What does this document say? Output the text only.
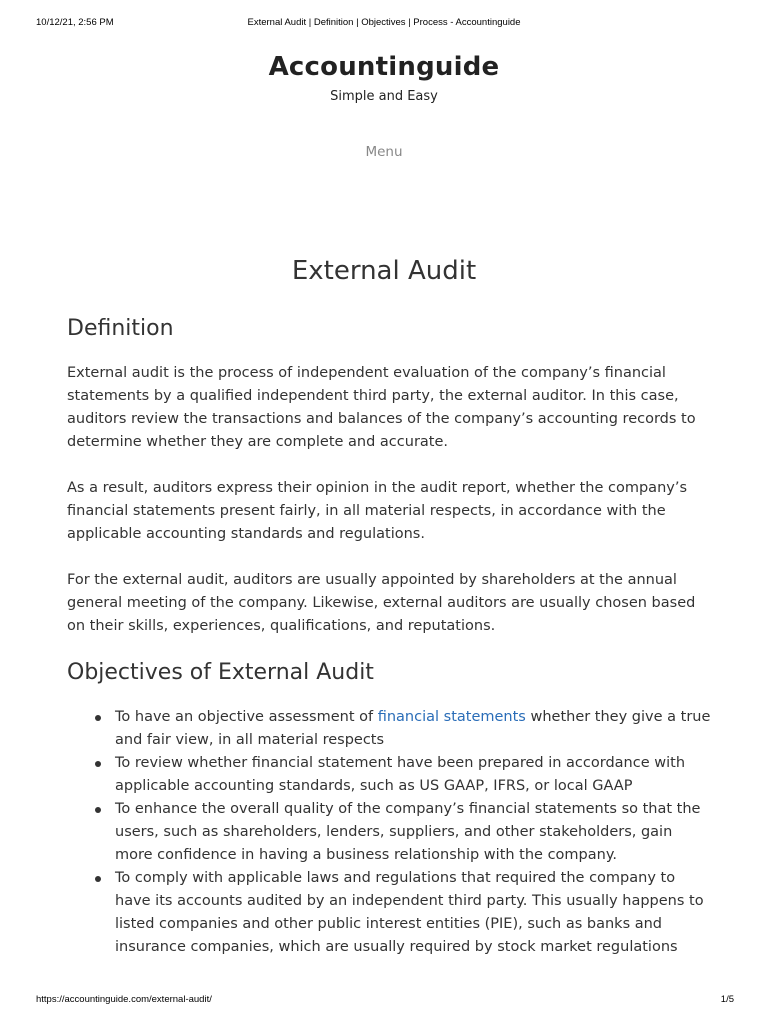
10/12/21, 2:56 PM	External Audit | Definition | Objectives | Process - Accountinguide
Accountinguide
Simple and Easy
Menu
External Audit
Definition

External audit is the process of independent evaluation of the company’s financial

statements by a qualified independent third party, the external auditor. In this case,

auditors review the transactions and balances of the company’s accounting records to

determine whether they are complete and accurate.

As a result, auditors express their opinion in the audit report, whether the company’s

financial statements present fairly, in all material respects, in accordance with the

applicable accounting standards and regulations.

For the external audit, auditors are usually appointed by shareholders at the annual

general meeting of the company. Likewise, external auditors are usually chosen based

on their skills, experiences, qualifications, and reputations.

Objectives of External Audit
To have an objective assessment of financial statements whether they give a true
and fair view, in all material respects
To review whether financial statement have been prepared in accordance with
applicable accounting standards, such as US GAAP, IFRS, or local GAAP
To enhance the overall quality of the company’s financial statements so that the
users, such as shareholders, lenders, suppliers, and other stakeholders, gain
more confidence in having a business relationship with the company.
To comply with applicable laws and regulations that required the company to
have its accounts audited by an independent third party. This usually happens to
listed companies and other public interest entities (PIE), such as banks and
insurance companies, which are usually required by stock market regulations
https://accountinguide.com/external-audit/	1/5
